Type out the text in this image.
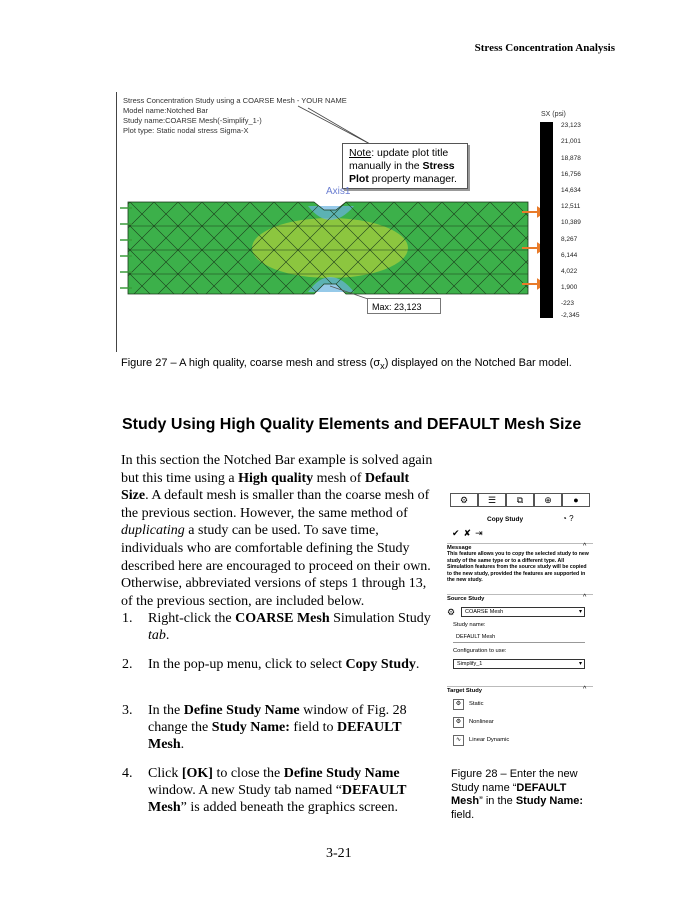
Stress Concentration Analysis
Stress Concentration Study using a COARSE Mesh - YOUR NAME
Model name:Notched Bar
Study name:COARSE Mesh(-Simplify_1-)
Plot type: Static nodal stress Sigma-X
SX (psi)
23,123
21,001
18,878
16,756
14,634
12,511
10,389
8,267
6,144
4,022
1,900
-223
-2,345
Note: update plot title manually in the Stress Plot property manager.
Axis1
Max: 23,123
Figure 27 – A high quality, coarse mesh and stress $(\sigma_x)$ displayed on the Notched Bar model.
Study Using High Quality Elements and DEFAULT Mesh Size

In this section the Notched Bar example is solved again but this time using a High quality mesh of Default Size. A default mesh is smaller than the coarse mesh of the previous section. However, the same method of duplicating a study can be used. To save time, individuals who are comfortable defining the Study described here are encouraged to proceed on their own. Otherwise, abbreviated versions of steps 1 through 13, of the previous section, are included below.

1.	Right-click the COARSE Mesh Simulation Study tab.
2.	In the pop-up menu, click to select Copy Study.
3.	In the Define Study Name window of Fig. 28 change the Study Name: field to DEFAULT Mesh.
4.	Click [OK] to close the Define Study Name window. A new Study tab named “DEFAULT Mesh” is added beneath the graphics screen.
⚙	☰	⧉	⊕	●
Copy Study	◔ ?
✔✘⇥
Message	^
This feature allows you to copy the selected study to new study of the same type or to a different type. All Simulation features from the source study will be copied to the new study, provided the features are supported in the new study.
Source Study	^
⚙	COARSE Mesh	▾
Study name:
DEFAULT Mesh
Configuration to use:
Simplify_1	▾
Target Study	^
⚙	Static
⚙	Nonlinear
∿	Linear Dynamic
Figure 28 – Enter the new Study name “DEFAULT Mesh” in the Study Name: field.
3-21
